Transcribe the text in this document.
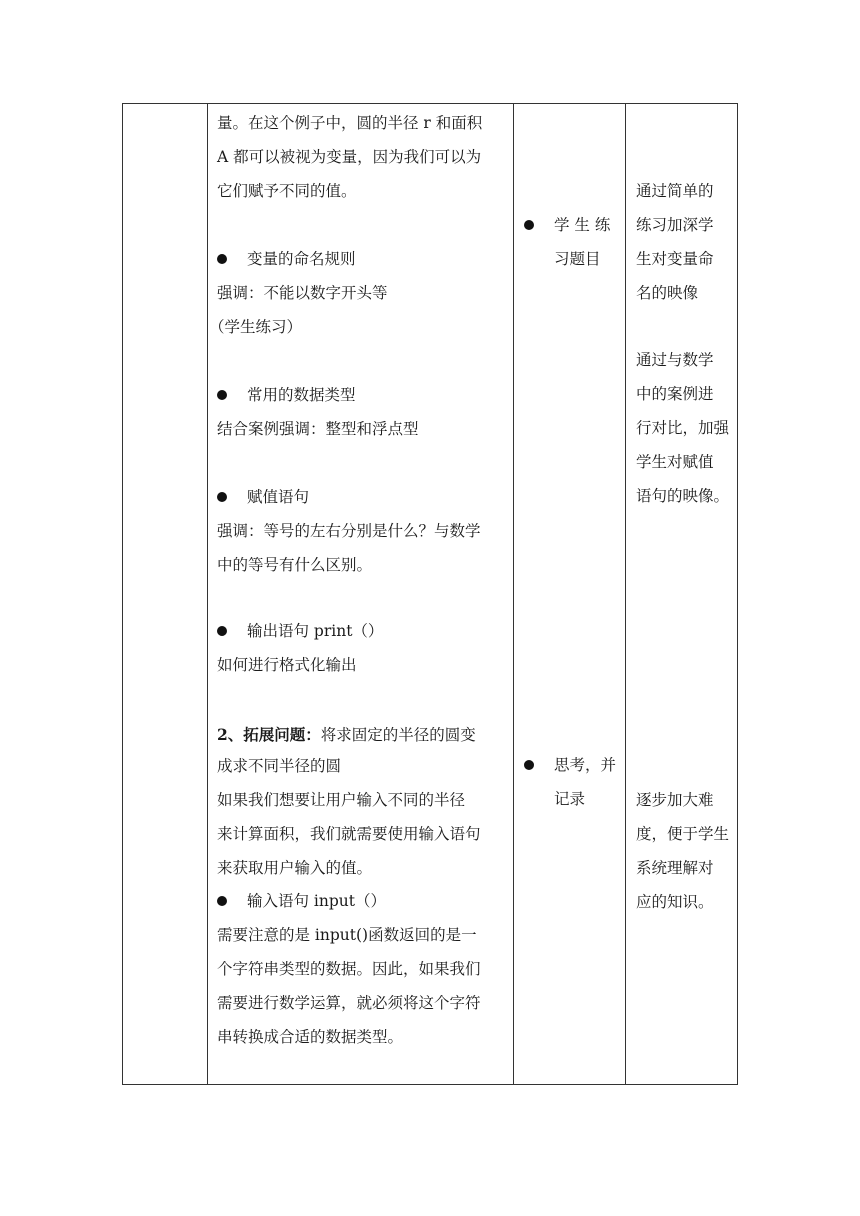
量。在这个例子中，圆的半径 r 和面积
A 都可以被视为变量，因为我们可以为
它们赋予不同的值。
变量的命名规则
强调：不能以数字开头等
（学生练习）
常用的数据类型
结合案例强调：整型和浮点型
赋值语句
强调：等号的左右分别是什么？与数学
中的等号有什么区别。
输出语句 print（）
如何进行格式化输出
2、拓展问题：将求固定的半径的圆变
成求不同半径的圆
如果我们想要让用户输入不同的半径
来计算面积，我们就需要使用输入语句
来获取用户输入的值。
输入语句 input（）
需要注意的是 input()函数返回的是一
个字符串类型的数据。因此，如果我们
需要进行数学运算，就必须将这个字符
串转换成合适的数据类型。
学 生 练
习题目
思考，并
记录
通过简单的
练习加深学
生对变量命
名的映像
通过与数学
中的案例进
行对比，加强
学生对赋值
语句的映像。
逐步加大难
度，便于学生
系统理解对
应的知识。
